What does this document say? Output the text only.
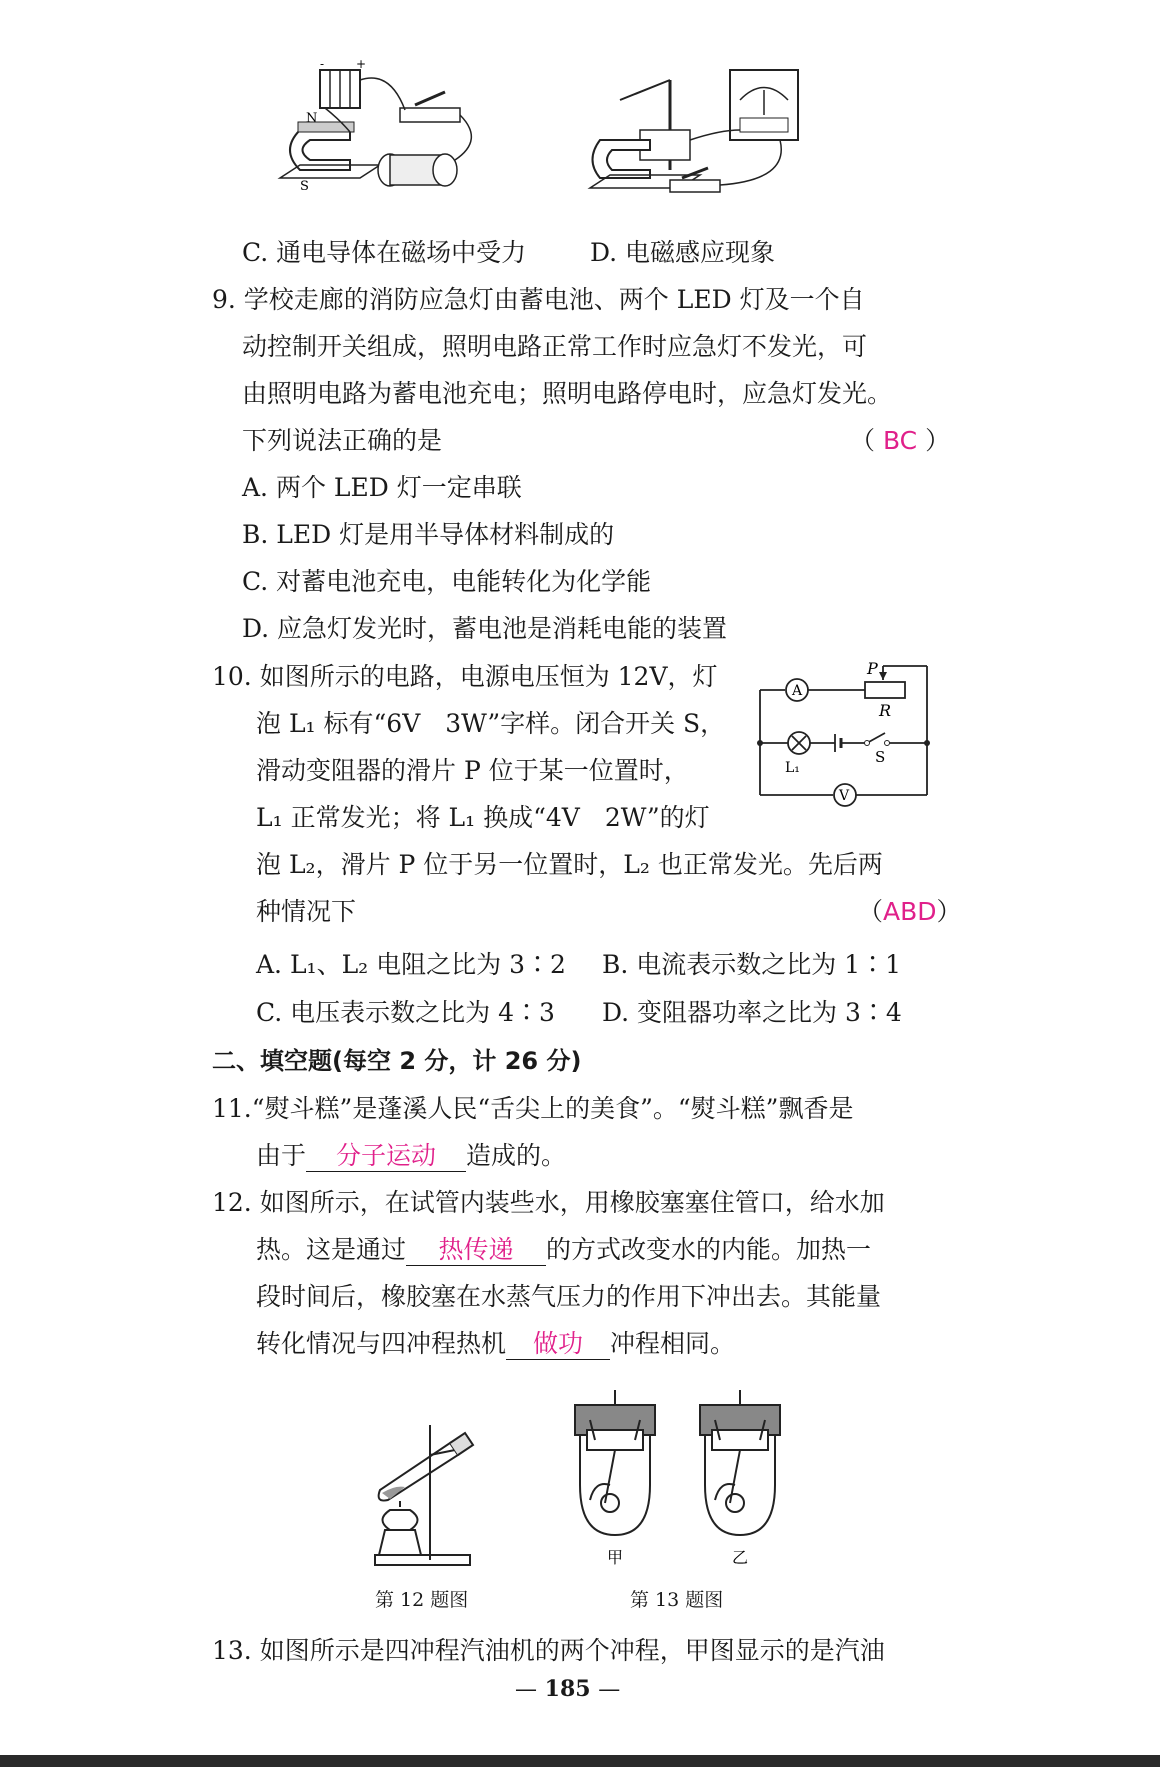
-	+
N
S
C. 通电导体在磁场中受力	D. 电磁感应现象
9. 学校走廊的消防应急灯由蓄电池、两个 LED 灯及一个自
动控制开关组成，照明电路正常工作时应急灯不发光，可
由照明电路为蓄电池充电；照明电路停电时，应急灯发光。
下列说法正确的是	（ BC ）
A. 两个 LED 灯一定串联
B. LED 灯是用半导体材料制成的
C. 对蓄电池充电，电能转化为化学能
D. 应急灯发光时，蓄电池是消耗电能的装置
10. 如图所示的电路，电源电压恒为 12V，灯
泡 L₁ 标有“6V　3W”字样。闭合开关 S，
滑动变阻器的滑片 P 位于某一位置时，
L₁ 正常发光；将 L₁ 换成“4V　2W”的灯
泡 L₂，滑片 P 位于另一位置时，L₂ 也正常发光。先后两
种情况下	（ABD）
A. L₁、L₂ 电阻之比为 3∶2 B. 电流表示数之比为 1∶1
C. 电压表示数之比为 4∶3 D. 变阻器功率之比为 3∶4
A
V
P
R
S
L₁
二、填空题(每空 2 分，计 26 分)
11.“熨斗糕”是蓬溪人民“舌尖上的美食”。“熨斗糕”飘香是
由于 分子运动 造成的。
12. 如图所示，在试管内装些水，用橡胶塞塞住管口，给水加
热。这是通过 热传递 的方式改变水的内能。加热一
段时间后，橡胶塞在水蒸气压力的作用下冲出去。其能量
转化情况与四冲程热机 做功 冲程相同。
甲	乙
第 12 题图	第 13 题图
13. 如图所示是四冲程汽油机的两个冲程，甲图显示的是汽油
— 185 —
